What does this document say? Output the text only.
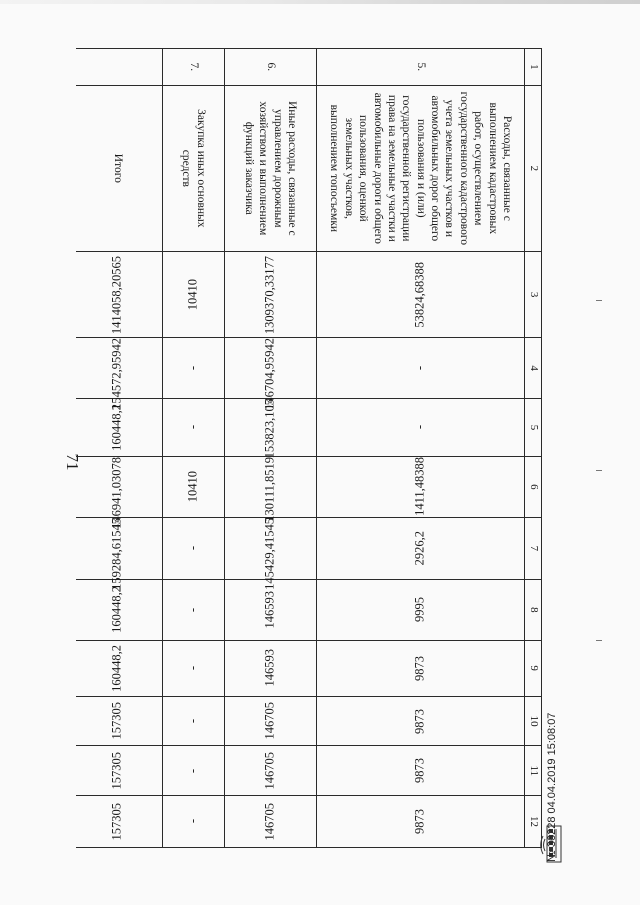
71
1	2	3	4	5	6	7	8	9	10	11	12
5.	Расходы, связанные с выполнением кадастровых работ, осуществлением государственного кадастрового учета земельных участков и автомобильных дорог общего пользования и (или) государственной регистрации права на земельные участки и автомобильные дороги общего пользования, оценкой земельных участков, выполнением топосъемки	53824,68388	-	-	1411,48388	2926,2	9995	9873	9873	9873	9873
6.	Иные расходы, связанные с управлением дорожным хозяйством и выполнением функций заказчика	1309370,33177	146704,95942	153823,105	130111,8519	145429,41545	146593	146593	146705	146705	146705
7.	Закупка иных основных средств	10410	-	-	10410	-	-	-	-	-	-
	Итого	1414058,20565	154572,95942	160448,2	146941,03078	159284,61545	160448,2	160448,2	157305	157305	157305	№ 36228 04.04.2019 15:08:07
